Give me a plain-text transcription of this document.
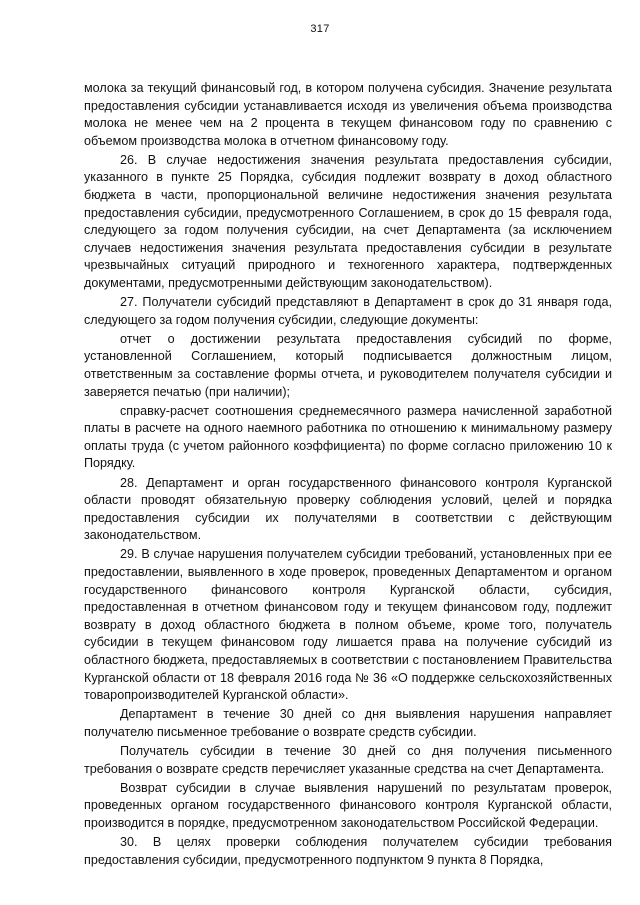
317

молока за текущий финансовый год, в котором получена субсидия. Значение результата предоставления субсидии устанавливается исходя из увеличения объема производства молока не менее чем на 2 процента в текущем финансовом году по сравнению с объемом производства молока в отчетном финансовому году.

26. В случае недостижения значения результата предоставления субсидии, указанного в пункте 25 Порядка, субсидия подлежит возврату в доход областного бюджета в части, пропорциональной величине недостижения значения результата предоставления субсидии, предусмотренного Соглашением, в срок до 15 февраля года, следующего за годом получения субсидии, на счет Департамента (за исключением случаев недостижения значения результата предоставления субсидии в результате чрезвычайных ситуаций природного и техногенного характера, подтвержденных документами, предусмотренными действующим законодательством).

27. Получатели субсидий представляют в Департамент в срок до 31 января года, следующего за годом получения субсидии, следующие документы:

отчет о достижении результата предоставления субсидий по форме, установленной Соглашением, который подписывается должностным лицом, ответственным за составление формы отчета, и руководителем получателя субсидии и заверяется печатью (при наличии);

справку-расчет соотношения среднемесячного размера начисленной заработной платы в расчете на одного наемного работника по отношению к минимальному размеру оплаты труда (с учетом районного коэффициента) по форме согласно приложению 10 к Порядку.

28. Департамент и орган государственного финансового контроля Курганской области проводят обязательную проверку соблюдения условий, целей и порядка предоставления субсидии их получателями в соответствии с действующим законодательством.

29. В случае нарушения получателем субсидии требований, установленных при ее предоставлении, выявленного в ходе проверок, проведенных Департаментом и органом государственного финансового контроля Курганской области, субсидия, предоставленная в отчетном финансовом году и текущем финансовом году, подлежит возврату в доход областного бюджета в полном объеме, кроме того, получатель субсидии в текущем финансовом году лишается права на получение субсидий из областного бюджета, предоставляемых в соответствии с постановлением Правительства Курганской области от 18 февраля 2016 года № 36 «О поддержке сельскохозяйственных товаропроизводителей Курганской области».

Департамент в течение 30 дней со дня выявления нарушения направляет получателю письменное требование о возврате средств субсидии.

Получатель субсидии в течение 30 дней со дня получения письменного требования о возврате средств перечисляет указанные средства на счет Департамента.

Возврат субсидии в случае выявления нарушений по результатам проверок, проведенных органом государственного финансового контроля Курганской области, производится в порядке, предусмотренном законодательством Российской Федерации.

30. В целях проверки соблюдения получателем субсидии требования предоставления субсидии, предусмотренного подпунктом 9 пункта 8 Порядка,
